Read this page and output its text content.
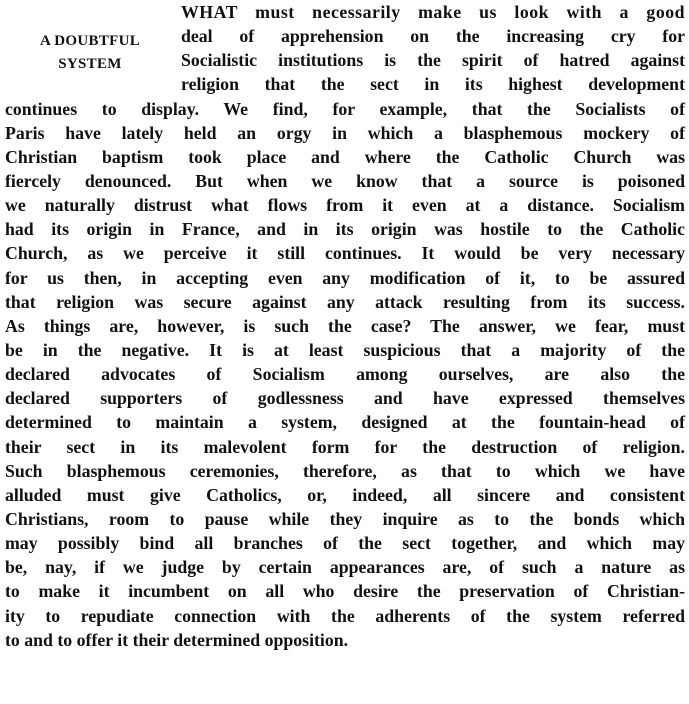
A DOUBTFUL
SYSTEM
WHAT must necessarily make us look with a good
deal of apprehension on the increasing cry for
Socialistic institutions is the spirit of hatred against
religion that the sect in its highest development
continues to display. We find, for example, that the Socialists of
Paris have lately held an orgy in which a blasphemous mockery of
Christian baptism took place and where the Catholic Church was
fiercely denounced. But when we know that a source is poisoned
we naturally distrust what flows from it even at a distance. Socialism
had its origin in France, and in its origin was hostile to the Catholic
Church, as we perceive it still continues. It would be very necessary
for us then, in accepting even any modification of it, to be assured
that religion was secure against any attack resulting from its success.
As things are, however, is such the case? The answer, we fear, must
be in the negative. It is at least suspicious that a majority of the
declared advocates of Socialism among ourselves, are also the
declared supporters of godlessness and have expressed themselves
determined to maintain a system, designed at the fountain-head of
their sect in its malevolent form for the destruction of religion.
Such blasphemous ceremonies, therefore, as that to which we have
alluded must give Catholics, or, indeed, all sincere and consistent
Christians, room to pause while they inquire as to the bonds which
may possibly bind all branches of the sect together, and which may
be, nay, if we judge by certain appearances are, of such a nature as
to make it incumbent on all who desire the preservation of Christian-
ity to repudiate connection with the adherents of the system referred
to and to offer it their determined opposition.
